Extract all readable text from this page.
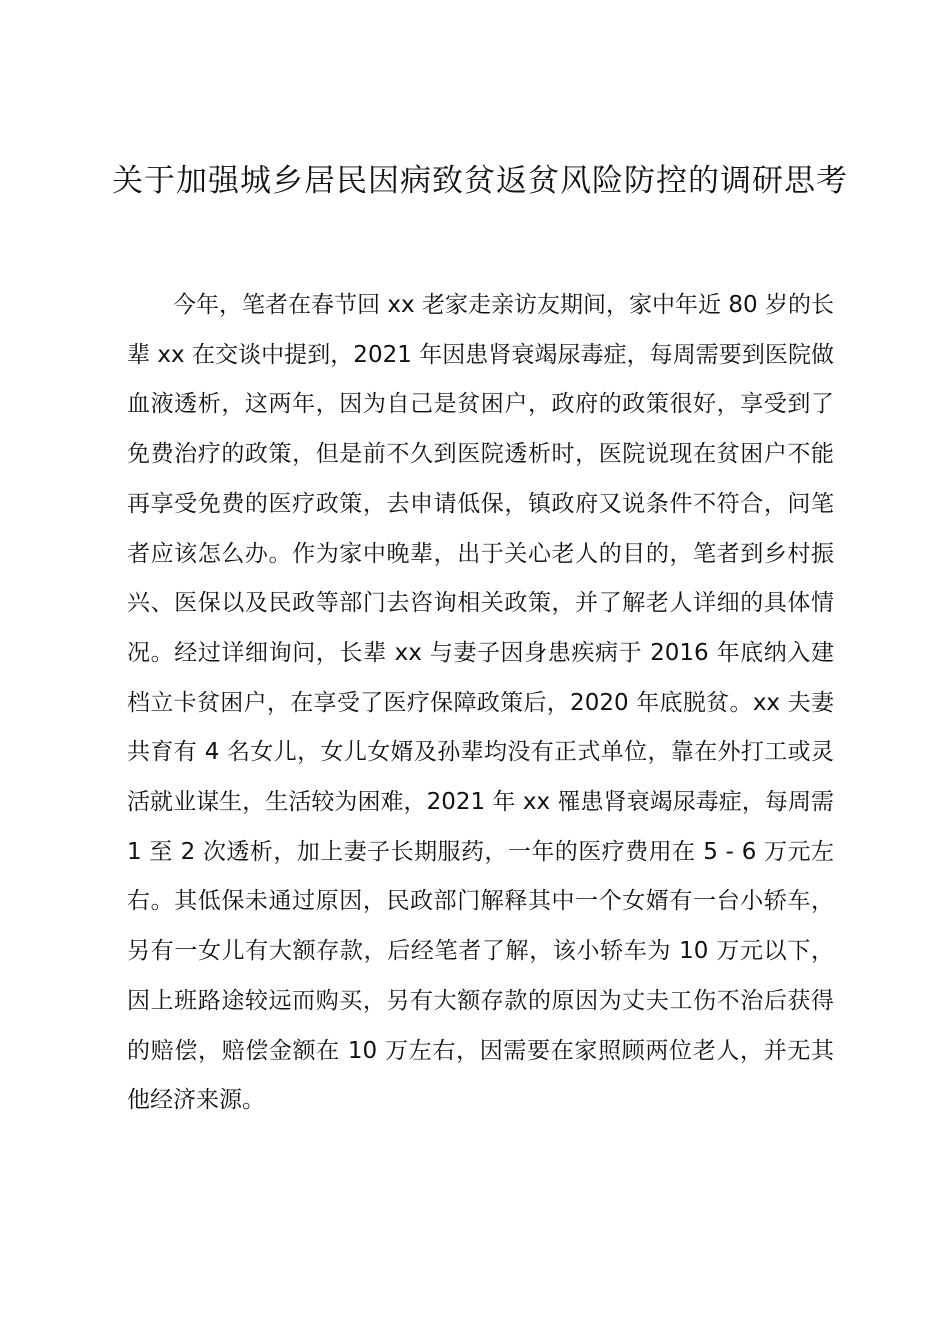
关于加强城乡居民因病致贫返贫风险防控的调研思考

今年，笔者在春节回 xx 老家走亲访友期间，家中年近 80 岁的长辈 xx 在交谈中提到，2021 年因患肾衰竭尿毒症，每周需要到医院做血液透析，这两年，因为自己是贫困户，政府的政策很好，享受到了免费治疗的政策，但是前不久到医院透析时，医院说现在贫困户不能再享受免费的医疗政策，去申请低保，镇政府又说条件不符合，问笔者应该怎么办。作为家中晚辈，出于关心老人的目的，笔者到乡村振兴、医保以及民政等部门去咨询相关政策，并了解老人详细的具体情况。经过详细询问，长辈 xx 与妻子因身患疾病于 2016 年底纳入建档立卡贫困户，在享受了医疗保障政策后，2020 年底脱贫。xx 夫妻共育有 4 名女儿，女儿女婿及孙辈均没有正式单位，靠在外打工或灵活就业谋生，生活较为困难，2021 年 xx 罹患肾衰竭尿毒症，每周需 1 至 2 次透析，加上妻子长期服药，一年的医疗费用在 5 - 6 万元左右。其低保未通过原因，民政部门解释其中一个女婿有一台小轿车，另有一女儿有大额存款，后经笔者了解，该小轿车为 10 万元以下，因上班路途较远而购买，另有大额存款的原因为丈夫工伤不治后获得的赔偿，赔偿金额在 10 万左右，因需要在家照顾两位老人，并无其他经济来源。
